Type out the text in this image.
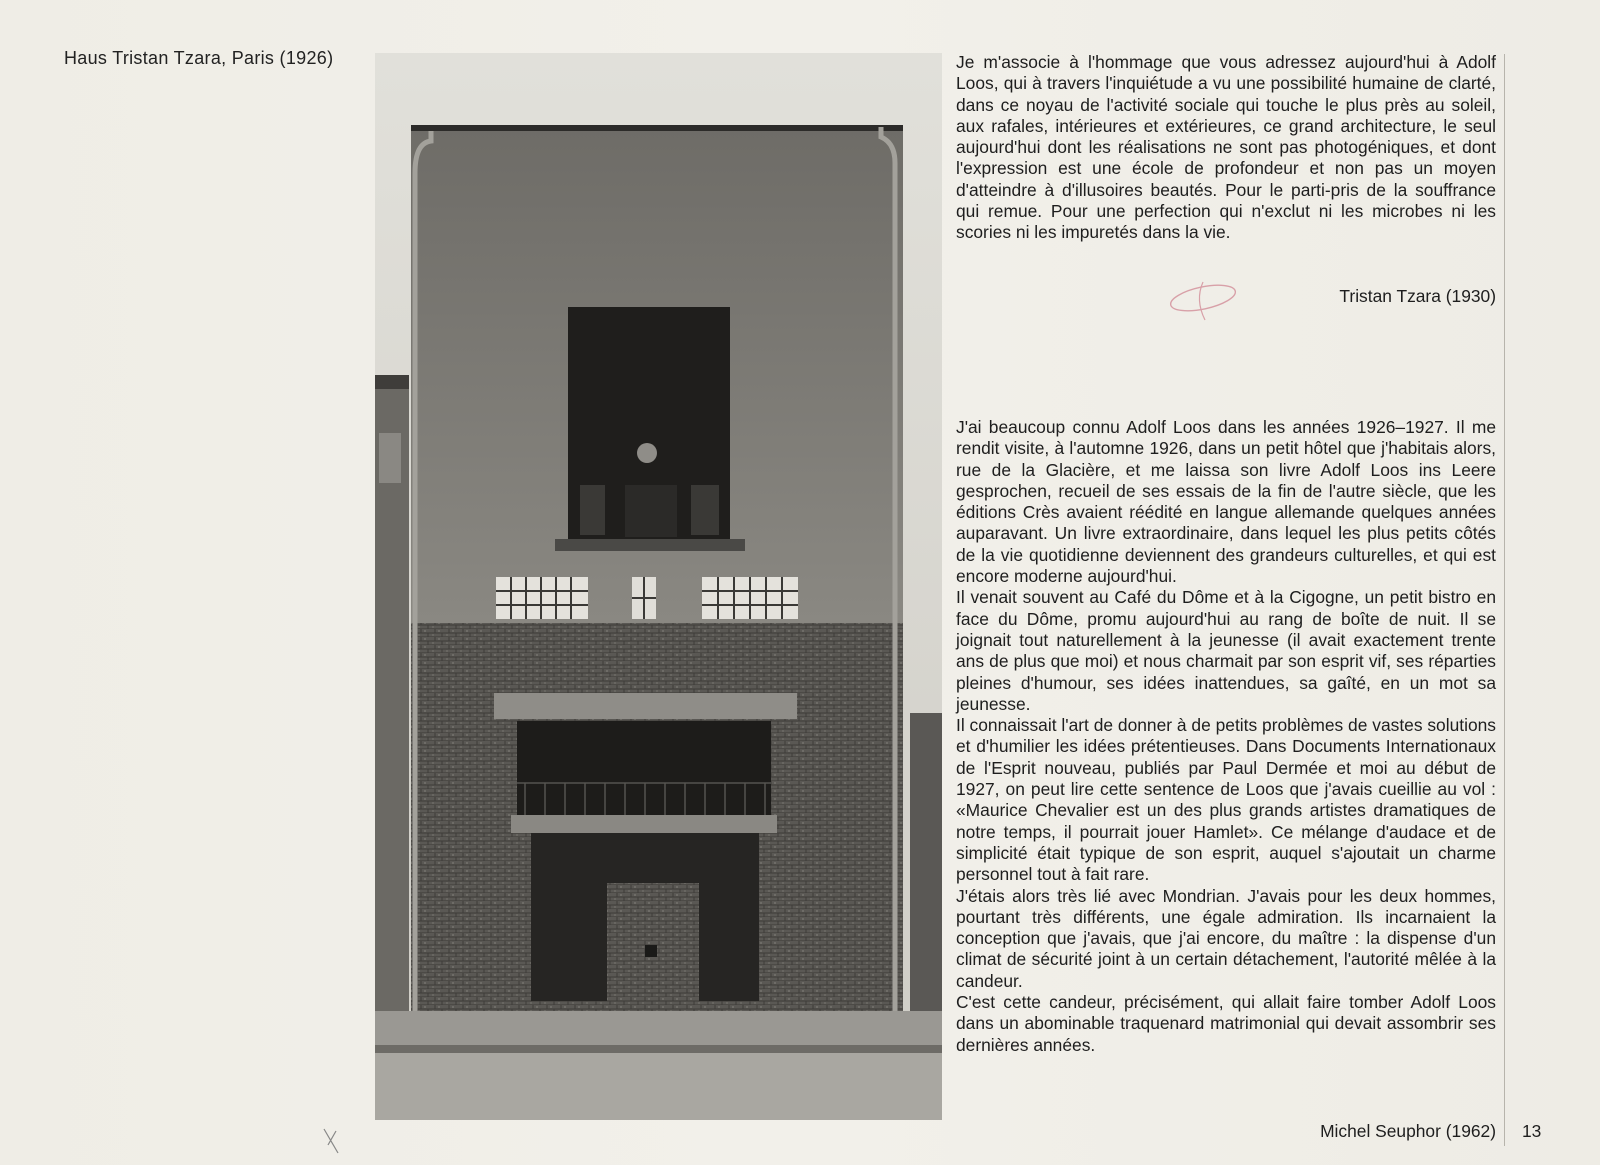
Haus Tristan Tzara, Paris (1926)	Je m'associe à l'hommage que vous adressez aujourd'hui à Adolf Loos, qui à travers l'inquiétude a vu une possibilité humaine de clarté, dans ce noyau de l'activité sociale qui touche le plus près au soleil, aux rafales, intérieures et extérieures, ce grand architecture, le seul aujourd'hui dont les réalisations ne sont pas photogéniques, et dont l'expression est une école de profondeur et non pas un moyen d'atteindre à d'illusoires beautés. Pour le parti-pris de la souffrance qui remue. Pour une perfection qui n'exclut ni les microbes ni les scories ni les impuretés dans la vie.
Tristan Tzara (1930)

J'ai beaucoup connu Adolf Loos dans les années 1926–1927. Il me rendit visite, à l'automne 1926, dans un petit hôtel que j'habitais alors, rue de la Glacière, et me laissa son livre Adolf Loos ins Leere gesprochen, recueil de ses essais de la fin de l'autre siècle, que les éditions Crès avaient réédité en langue allemande quelques années auparavant. Un livre extraordinaire, dans lequel les plus petits côtés de la vie quotidienne deviennent des grandeurs culturelles, et qui est encore moderne aujourd'hui.

Il venait souvent au Café du Dôme et à la Cigogne, un petit bistro en face du Dôme, promu aujourd'hui au rang de boîte de nuit. Il se joignait tout naturellement à la jeunesse (il avait exactement trente ans de plus que moi) et nous charmait par son esprit vif, ses réparties pleines d'humour, ses idées inattendues, sa gaîté, en un mot sa jeunesse.

Il connaissait l'art de donner à de petits problèmes de vastes solutions et d'humilier les idées prétentieuses. Dans Documents Internationaux de l'Esprit nouveau, publiés par Paul Dermée et moi au début de 1927, on peut lire cette sentence de Loos que j'avais cueillie au vol : «Maurice Chevalier est un des plus grands artistes dramatiques de notre temps, il pourrait jouer Hamlet». Ce mélange d'audace et de simplicité était typique de son esprit, auquel s'ajoutait un charme personnel tout à fait rare.

J'étais alors très lié avec Mondrian. J'avais pour les deux hommes, pourtant très différents, une égale admiration. Ils incarnaient la conception que j'avais, que j'ai encore, du maître : la dispense d'un climat de sécurité joint à un certain détachement, l'autorité mêlée à la candeur.

C'est cette candeur, précisément, qui allait faire tomber Adolf Loos dans un abominable traquenard matrimonial qui devait assombrir ses dernières années.

Michel Seuphor (1962) 13
